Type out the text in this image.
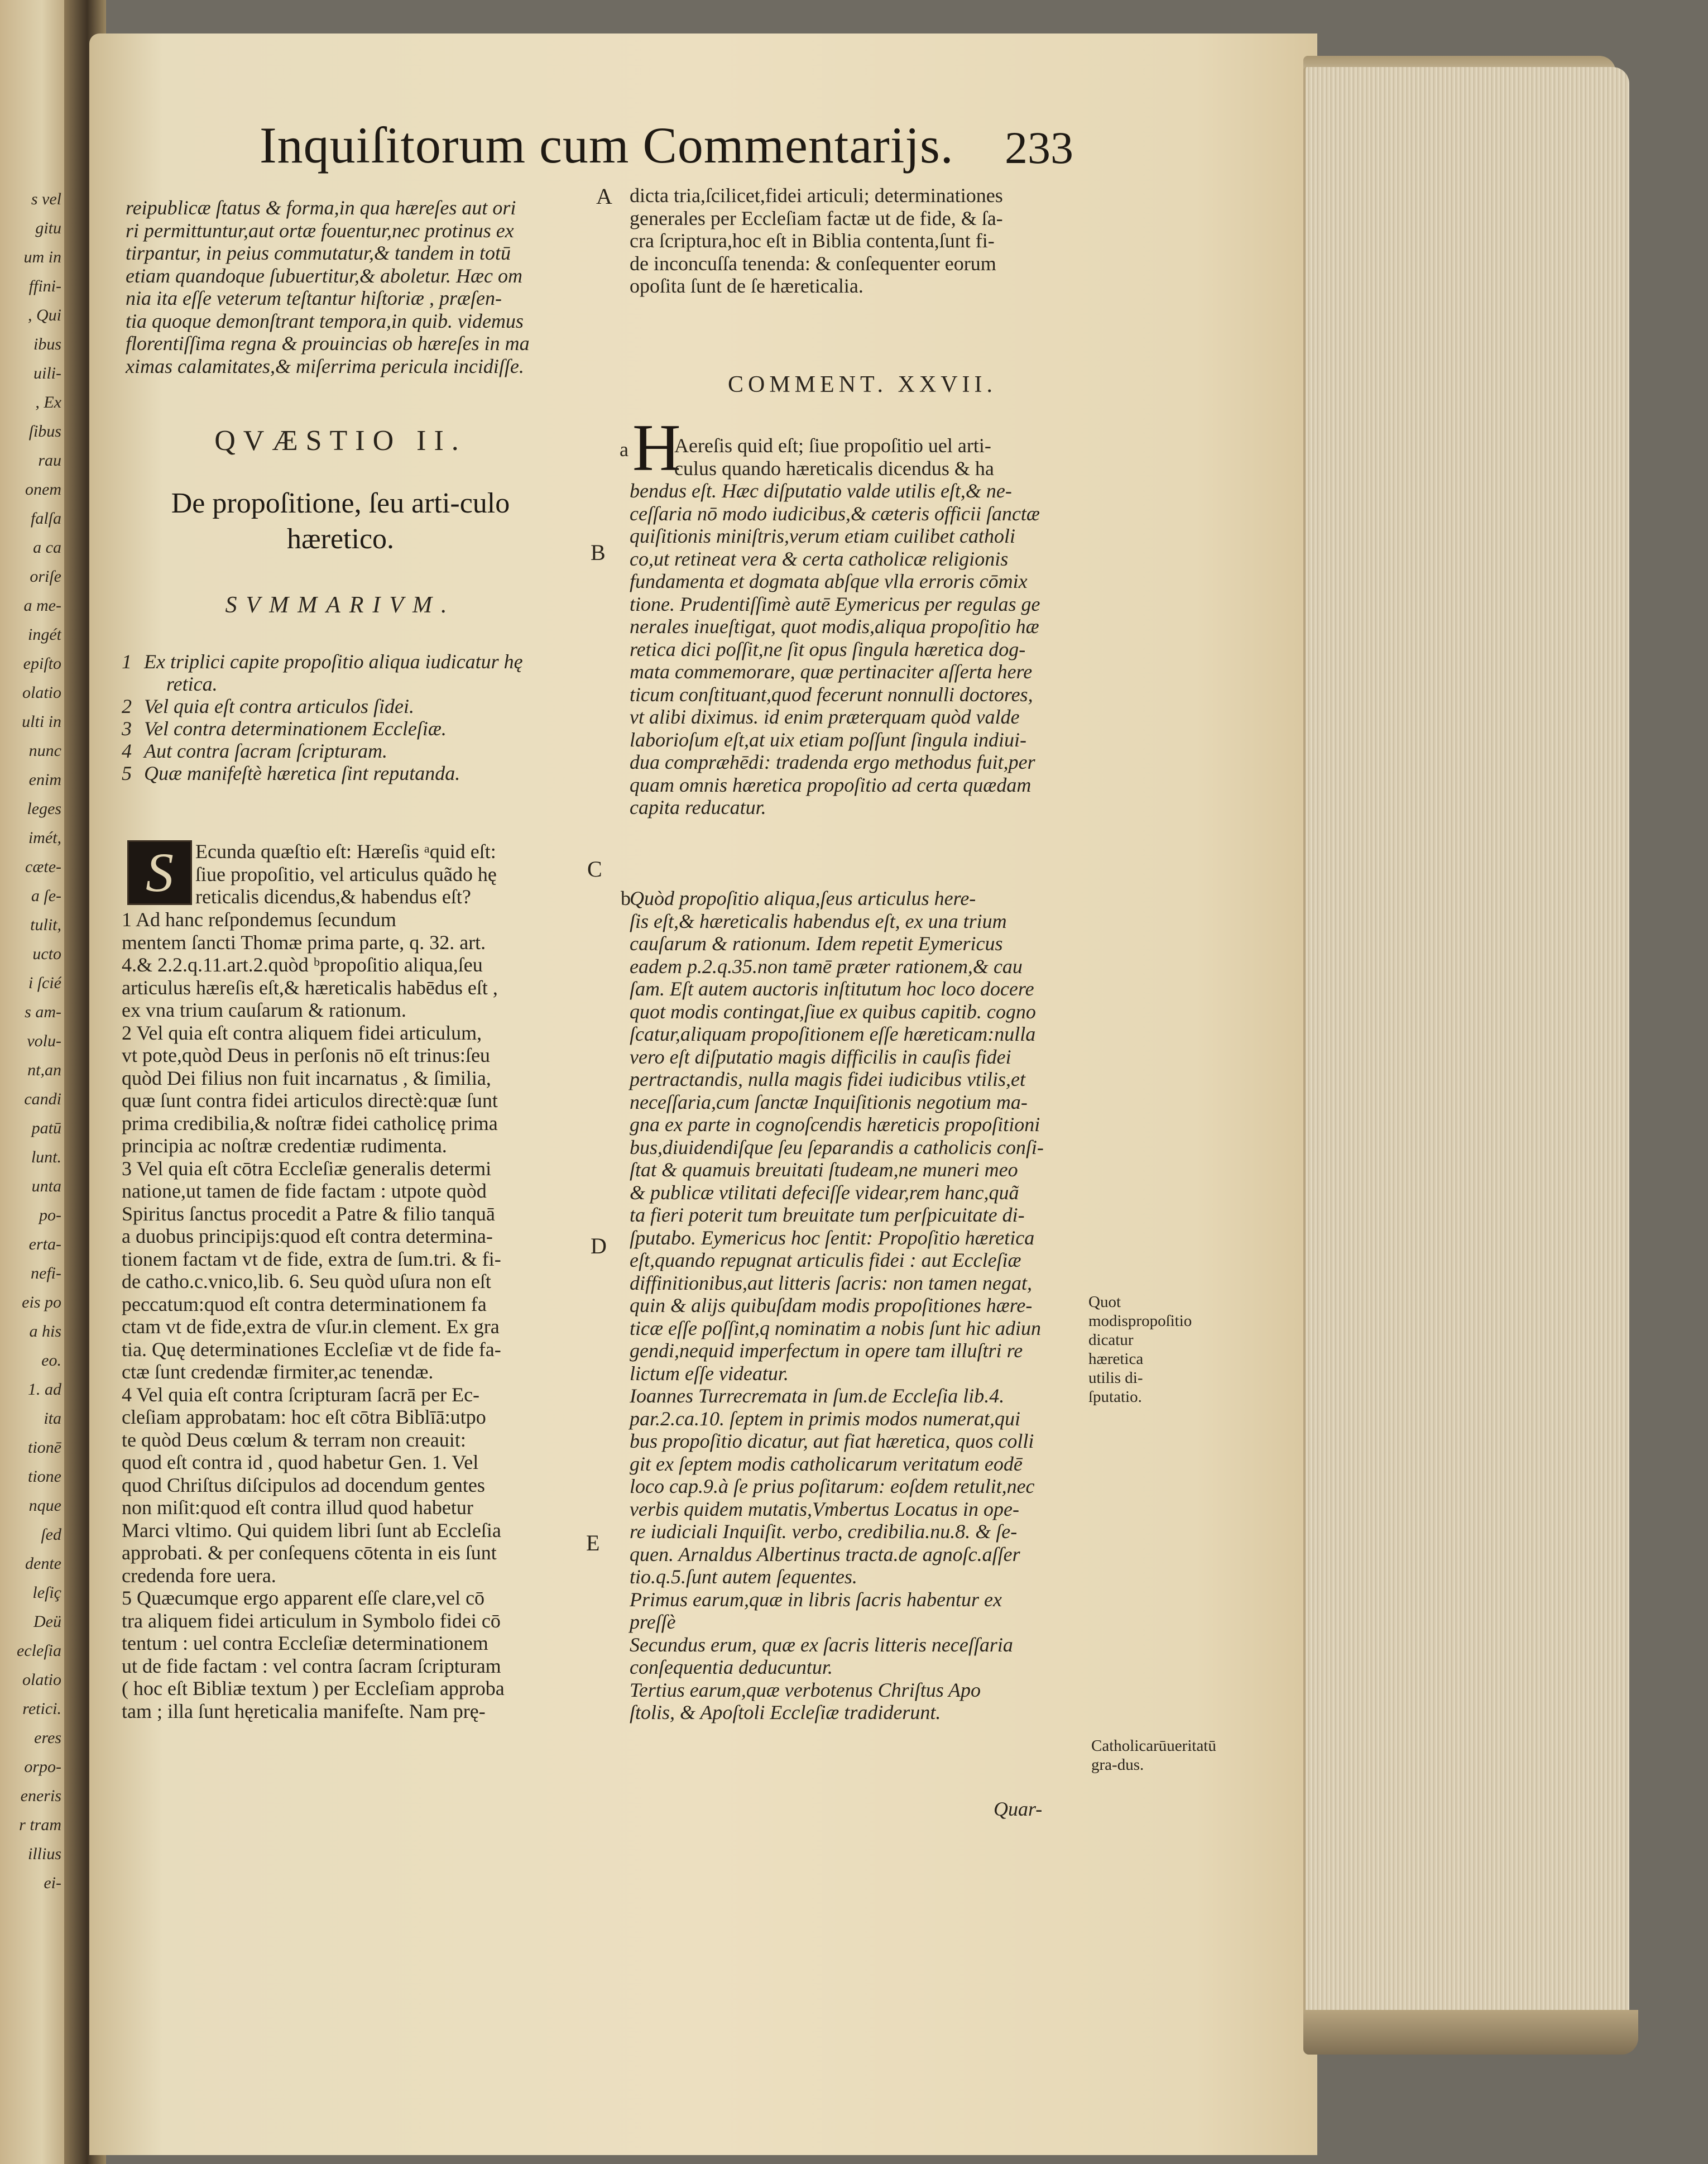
s vel
gitu
um in
ffini-
, Qui
ibus
uili-
, Ex
ſibus
rau
onem
falſa
a ca
oriſe
a me-
ingét
epiſto
olatio
ulti in
nunc
enim
leges
imét,
cæte-
a ſe-
tulit,
ucto
i ſcié
s am-
volu-
nt,an
candi
patū
lunt.
unta
po-
erta-
nefi-
eis po
a his
eo.
1. ad
ita
tionē
tione
nque
ſed
dente
leſiç
Deü
ecleſia
olatio
retici.
eres
orpo-
eneris
r tram
illius
ei-
Inquiſitorum cum Commentarijs. 233
reipublicæ ſtatus & forma,in qua hæreſes aut ori
ri permittuntur,aut ortæ fouentur,nec protinus ex
tirpantur, in peius commutatur,& tandem in totū
etiam quandoque ſubuertitur,& aboletur. Hæc om
nia ita eſſe veterum teſtantur hiſtoriæ , præſen-
tia quoque demonſtrant tempora,in quib. videmus
florentiſſima regna & prouincias ob hæreſes in ma
ximas calamitates,& miſerrima pericula incidiſſe.
QVÆSTIO II.
De propoſitione, ſeu arti-culo hæretico.
SVMMARIVM.
1 Ex triplici capite propoſitio aliqua iudicatur hę
retica.
2 Vel quia eſt contra articulos ſidei.
3 Vel contra determinationem Eccleſiæ.
4 Aut contra ſacram ſcripturam.
5 Quæ manifeſtè hæretica ſint reputanda.
S	Ecunda quæſtio eſt: Hæreſis ᵃquid eſt:
ſiue propoſitio, vel articulus quãdo hę
reticalis dicendus,& habendus eſt?
1 Ad hanc reſpondemus ſecundum
mentem ſancti Thomæ prima parte, q. 32. art.
4.& 2.2.q.11.art.2.quòd ᵇpropoſitio aliqua,ſeu
articulus hæreſis eſt,& hæreticalis habēdus eſt ,
ex vna trium cauſarum & rationum.
2 Vel quia eſt contra aliquem fidei articulum,
vt pote,quòd Deus in perſonis nō eſt trinus:ſeu
quòd Dei filius non fuit incarnatus , & ſimilia,
quæ ſunt contra fidei articulos directè:quæ ſunt
prima credibilia,& noſtræ fidei catholicę prima
principia ac noſtræ credentiæ rudimenta.
3 Vel quia eſt cōtra Eccleſiæ generalis determi
natione,ut tamen de fide factam : utpote quòd
Spiritus ſanctus procedit a Patre & filio tanquā
a duobus principijs:quod eſt contra determina-
tionem factam vt de fide, extra de ſum.tri. & fi-
de catho.c.vnico,lib. 6. Seu quòd uſura non eſt
peccatum:quod eſt contra determinationem fa
ctam vt de fide,extra de vſur.in clement. Ex gra
tia. Quę determinationes Eccleſiæ vt de fide fa-
ctæ ſunt credendæ firmiter,ac tenendæ.
4 Vel quia eſt contra ſcripturam ſacrā per Ec-
cleſiam approbatam: hoc eſt cōtra Biblīā:utpo
te quòd Deus cœlum & terram non creauit:
quod eſt contra id , quod habetur Gen. 1. Vel
quod Chriſtus diſcipulos ad docendum gentes
non miſit:quod eſt contra illud quod habetur
Marci vltimo. Qui quidem libri ſunt ab Eccleſia
approbati. & per conſequens cōtenta in eis ſunt
credenda fore uera.
5 Quæcumque ergo apparent eſſe clare,vel cō
tra aliquem fidei articulum in Symbolo fidei cō
tentum : uel contra Eccleſiæ determinationem
ut de fide factam : vel contra ſacram ſcripturam
( hoc eſt Bibliæ textum ) per Eccleſiam approba
tam ; illa ſunt hęreticalia manifeſte. Nam prę-
A
B
C
D
E
dicta tria,ſcilicet,fidei articuli; determinationes
generales per Eccleſiam factæ ut de fide, & ſa-
cra ſcriptura,hoc eſt in Biblia contenta,ſunt fi-
de inconcuſſa tenenda: & conſequenter eorum
opoſita ſunt de ſe hæreticalia.
COMMENT. XXVII.
a H
Aereſis quid eſt; ſiue propoſitio uel arti-
culus quando hæreticalis dicendus & ha
bendus eſt. Hæc diſputatio valde utilis eſt,& ne-
ceſſaria nō modo iudicibus,& cæteris officii ſanctæ
quiſitionis miniſtris,verum etiam cuilibet catholi
co,ut retineat vera & certa catholicæ religionis
fundamenta et dogmata abſque vlla erroris cōmix
tione. Prudentiſſimè autē Eymericus per regulas ge
nerales inueſtigat, quot modis,aliqua propoſitio hæ
retica dici poſſit,ne ſit opus ſingula hæretica dog-
mata commemorare, quæ pertinaciter aſſerta here
ticum conſtituant,quod fecerunt nonnulli doctores,
vt alibi diximus. id enim præterquam quòd valde
laborioſum eſt,at uix etiam poſſunt ſingula indiui-
dua compræhēdi: tradenda ergo methodus fuit,per
quam omnis hæretica propoſitio ad certa quædam
capita reducatur.
b
Quòd propoſitio aliqua,ſeus articulus here-
ſis eſt,& hæreticalis habendus eſt, ex una trium
cauſarum & rationum. Idem repetit Eymericus
eadem p.2.q.35.non tamē præter rationem,& cau
ſam. Eſt autem auctoris inſtitutum hoc loco docere
quot modis contingat,ſiue ex quibus capitib. cogno
ſcatur,aliquam propoſitionem eſſe hæreticam:nulla
vero eſt diſputatio magis difficilis in cauſis fidei
pertractandis, nulla magis fidei iudicibus vtilis,et
neceſſaria,cum ſanctæ Inquiſitionis negotium ma-
gna ex parte in cognoſcendis hæreticis propoſitioni
bus,diuidendiſque ſeu ſeparandis a catholicis conſi-
ſtat & quamuis breuitati ſtudeam,ne muneri meo
& publicæ vtilitati defeciſſe videar,rem hanc,quã
ta fieri poterit tum breuitate tum perſpicuitate di-
ſputabo. Eymericus hoc ſentit: Propoſitio hæretica
eſt,quando repugnat articulis fidei : aut Eccleſiæ
diffinitionibus,aut litteris ſacris: non tamen negat,
quin & alijs quibuſdam modis propoſitiones hære-
ticæ eſſe poſſint,q nominatim a nobis ſunt hic adiun
gendi,nequid imperfectum in opere tam illuſtri re
lictum eſſe videatur.
Ioannes Turrecremata in ſum.de Eccleſia lib.4.
par.2.ca.10. ſeptem in primis modos numerat,qui
bus propoſitio dicatur, aut fiat hæretica, quos colli
git ex ſeptem modis catholicarum veritatum eodē
loco cap.9.à ſe prius poſitarum: eoſdem retulit,nec
verbis quidem mutatis,Vmbertus Locatus in ope-
re iudiciali Inquiſit. verbo, credibilia.nu.8. & ſe-
quen. Arnaldus Albertinus tracta.de agnoſc.aſſer
tio.q.5.ſunt autem ſequentes.
Primus earum,quæ in libris ſacris habentur ex
preſſè
Secundus erum, quæ ex ſacris litteris neceſſaria
conſequentia deducuntur.
Tertius earum,quæ verbotenus Chriſtus Apo
ſtolis, & Apoſtoli Eccleſiæ tradiderunt.
Quar-
Quot modispropoſitio dicatur hæretica utilis di-ſputatio.
Catholicarūueritatū gra-dus.
